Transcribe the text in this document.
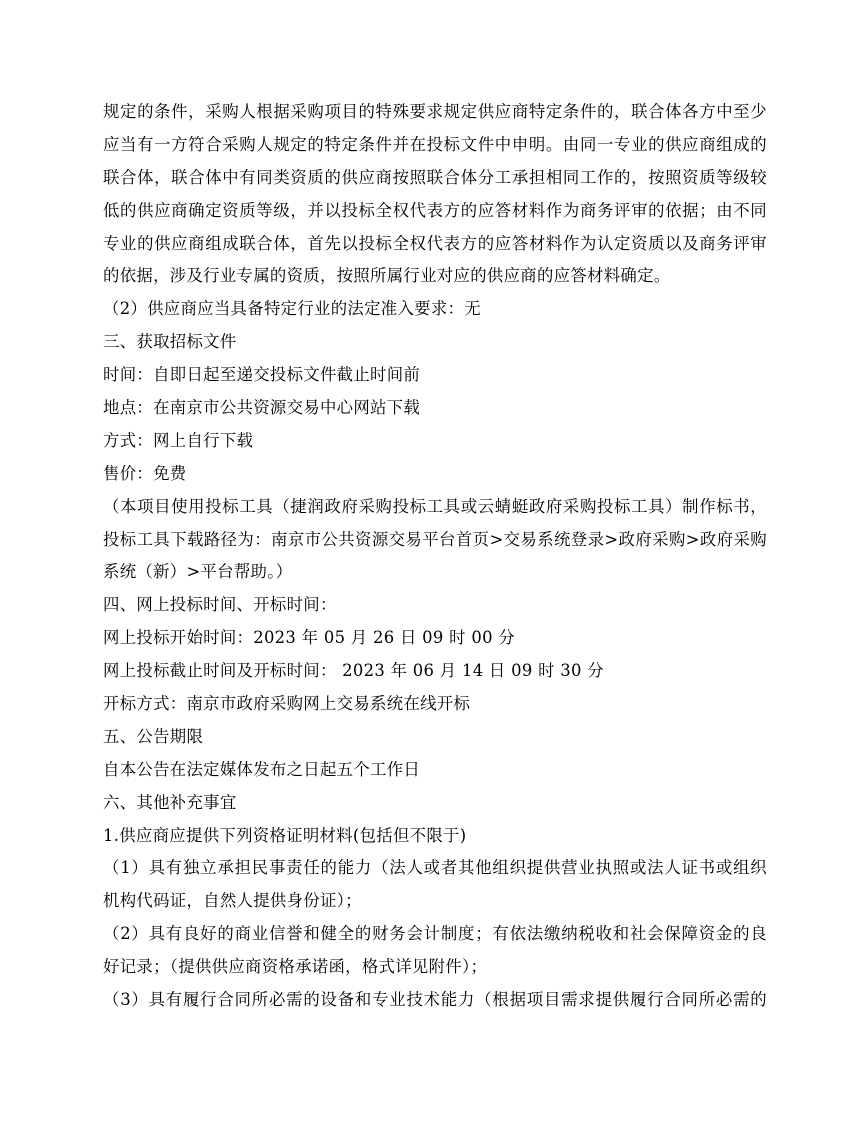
规定的条件，采购人根据采购项目的特殊要求规定供应商特定条件的，联合体各方中至少
应当有一方符合采购人规定的特定条件并在投标文件中申明。由同一专业的供应商组成的
联合体，联合体中有同类资质的供应商按照联合体分工承担相同工作的，按照资质等级较
低的供应商确定资质等级，并以投标全权代表方的应答材料作为商务评审的依据；由不同
专业的供应商组成联合体，首先以投标全权代表方的应答材料作为认定资质以及商务评审
的依据，涉及行业专属的资质，按照所属行业对应的供应商的应答材料确定。
（2）供应商应当具备特定行业的法定准入要求：无
三、获取招标文件
时间：自即日起至递交投标文件截止时间前
地点：在南京市公共资源交易中心网站下载
方式：网上自行下载
售价：免费
（本项目使用投标工具（捷润政府采购投标工具或云蜻蜓政府采购投标工具）制作标书，
投标工具下载路径为：南京市公共资源交易平台首页>交易系统登录>政府采购>政府采购
系统（新）>平台帮助。）
四、网上投标时间、开标时间：
网上投标开始时间：2023 年 05 月 26 日 09 时 00 分
网上投标截止时间及开标时间： 2023 年 06 月 14 日 09 时 30 分
开标方式：南京市政府采购网上交易系统在线开标
五、公告期限
自本公告在法定媒体发布之日起五个工作日
六、其他补充事宜
1.供应商应提供下列资格证明材料(包括但不限于)
（1）具有独立承担民事责任的能力（法人或者其他组织提供营业执照或法人证书或组织
机构代码证，自然人提供身份证）；
（2）具有良好的商业信誉和健全的财务会计制度；有依法缴纳税收和社会保障资金的良
好记录；（提供供应商资格承诺函，格式详见附件）；
（3）具有履行合同所必需的设备和专业技术能力（根据项目需求提供履行合同所必需的
